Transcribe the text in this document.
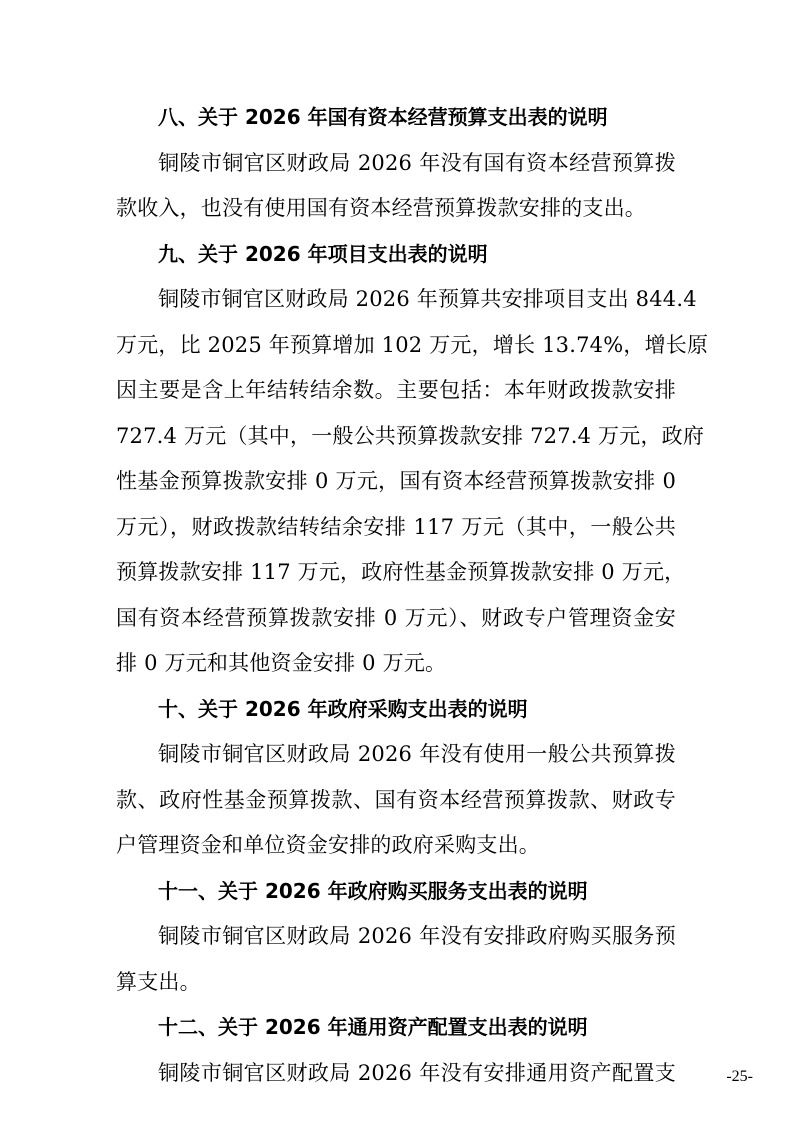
八、关于 2026 年国有资本经营预算支出表的说明
铜陵市铜官区财政局 2026 年没有国有资本经营预算拨
款收入，也没有使用国有资本经营预算拨款安排的支出。
九、关于 2026 年项目支出表的说明
铜陵市铜官区财政局 2026 年预算共安排项目支出 844.4
万元，比 2025 年预算增加 102 万元，增长 13.74%，增长原
因主要是含上年结转结余数。主要包括：本年财政拨款安排
727.4 万元（其中，一般公共预算拨款安排 727.4 万元，政府
性基金预算拨款安排 0 万元，国有资本经营预算拨款安排 0
万元），财政拨款结转结余安排 117 万元（其中，一般公共
预算拨款安排 117 万元，政府性基金预算拨款安排 0 万元，
国有资本经营预算拨款安排 0 万元）、财政专户管理资金安
排 0 万元和其他资金安排 0 万元。
十、关于 2026 年政府采购支出表的说明
铜陵市铜官区财政局 2026 年没有使用一般公共预算拨
款、政府性基金预算拨款、国有资本经营预算拨款、财政专
户管理资金和单位资金安排的政府采购支出。
十一、关于 2026 年政府购买服务支出表的说明
铜陵市铜官区财政局 2026 年没有安排政府购买服务预
算支出。
十二、关于 2026 年通用资产配置支出表的说明
铜陵市铜官区财政局 2026 年没有安排通用资产配置支	-25-
